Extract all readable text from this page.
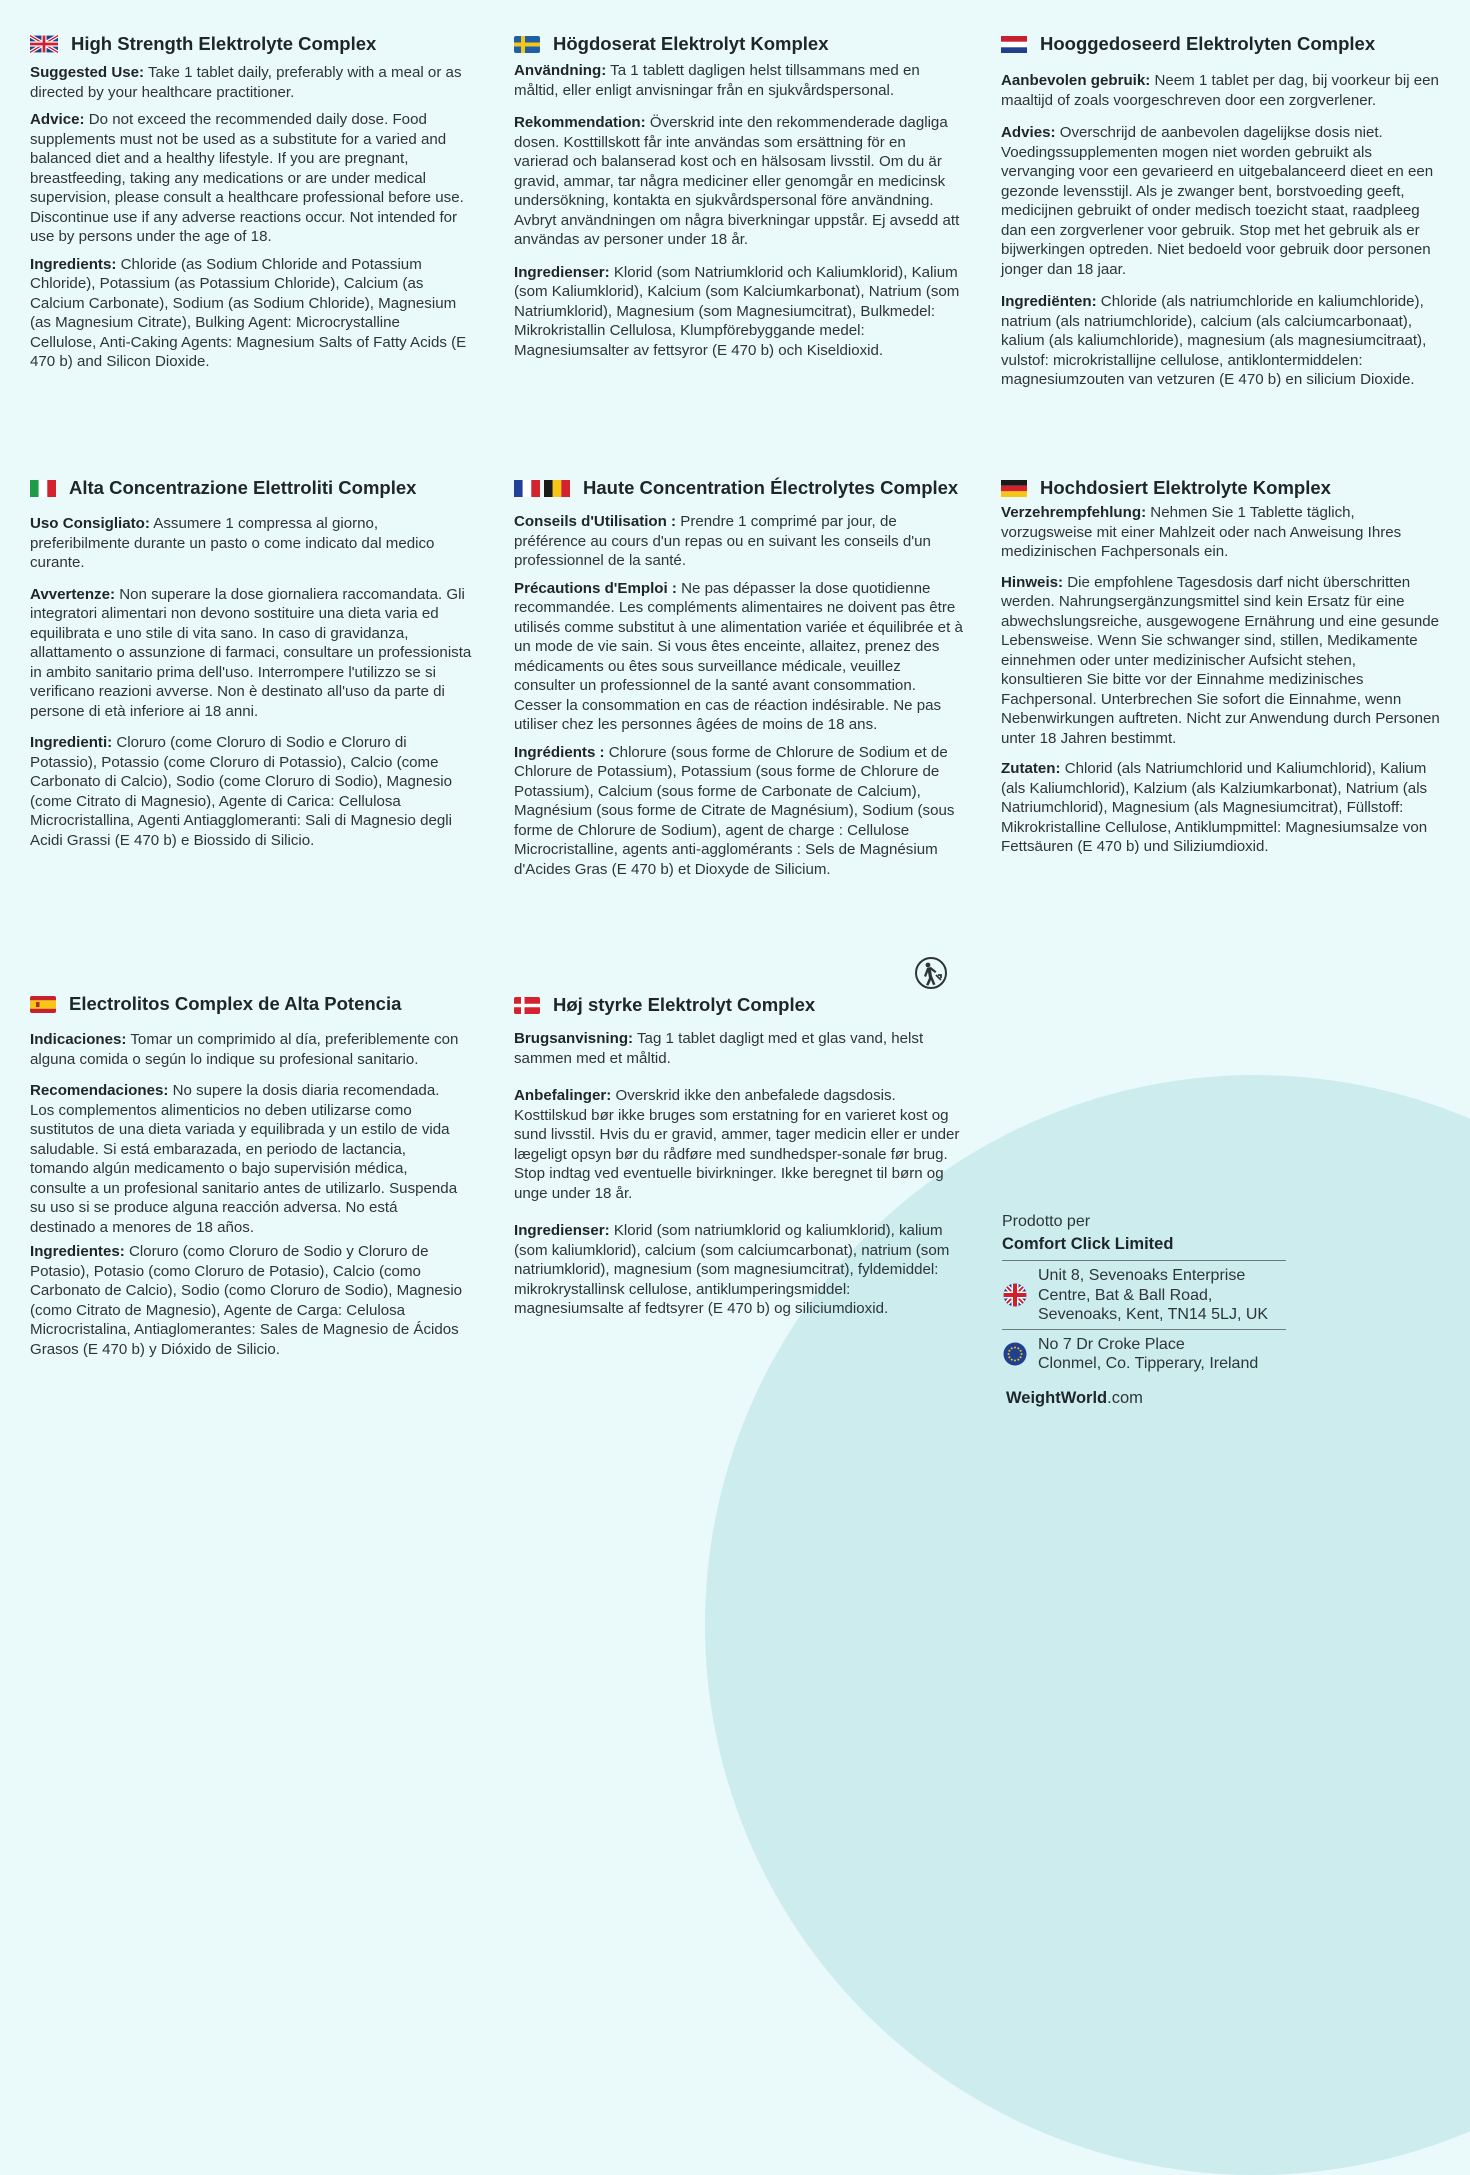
High Strength Elektrolyte Complex

Suggested Use: Take 1 tablet daily, preferably with a meal or as directed by your healthcare practitioner.

Advice: Do not exceed the recommended daily dose. Food supplements must not be used as a substitute for a varied and balanced diet and a healthy lifestyle. If you are pregnant, breastfeeding, taking any medications or are under medical supervision, please consult a healthcare professional before use. Discontinue use if any adverse reactions occur. Not intended for use by persons under the age of 18.

Ingredients: Chloride (as Sodium Chloride and Potassium Chloride), Potassium (as Potassium Chloride), Calcium (as Calcium Carbonate), Sodium (as Sodium Chloride), Magnesium (as Magnesium Citrate), Bulking Agent: Microcrystalline Cellulose, Anti-Caking Agents: Magnesium Salts of Fatty Acids (E 470 b) and Silicon Dioxide.

Högdoserat Elektrolyt Komplex

Användning: Ta 1 tablett dagligen helst tillsammans med en måltid, eller enligt anvisningar från en sjukvårdspersonal.

Rekommendation: Överskrid inte den rekommenderade dagliga dosen. Kosttillskott får inte användas som ersättning för en varierad och balanserad kost och en hälsosam livsstil. Om du är gravid, ammar, tar några mediciner eller genomgår en medicinsk undersökning, kontakta en sjukvårdspersonal före användning. Avbryt användningen om några biverkningar uppstår. Ej avsedd att användas av personer under 18 år.

Ingredienser: Klorid (som Natriumklorid och Kaliumklorid), Kalium (som Kaliumklorid), Kalcium (som Kalciumkarbonat), Natrium (som Natriumklorid), Magnesium (som Magnesiumcitrat), Bulkmedel: Mikrokristallin Cellulosa, Klumpförebyggande medel: Magnesiumsalter av fettsyror (E 470 b) och Kiseldioxid.

Hooggedoseerd Elektrolyten Complex

Aanbevolen gebruik: Neem 1 tablet per dag, bij voorkeur bij een maaltijd of zoals voorgeschreven door een zorgverlener.

Advies: Overschrijd de aanbevolen dagelijkse dosis niet. Voedingssupplementen mogen niet worden gebruikt als vervanging voor een gevarieerd en uitgebalanceerd dieet en een gezonde levensstijl. Als je zwanger bent, borstvoeding geeft, medicijnen gebruikt of onder medisch toezicht staat, raadpleeg dan een zorgverlener voor gebruik. Stop met het gebruik als er bijwerkingen optreden. Niet bedoeld voor gebruik door personen jonger dan 18 jaar.

Ingrediënten: Chloride (als natriumchloride en kaliumchloride), natrium (als natriumchloride), calcium (als calciumcarbonaat), kalium (als kaliumchloride), magnesium (als magnesiumcitraat), vulstof: microkristallijne cellulose, antiklontermiddelen: magnesiumzouten van vetzuren (E 470 b) en silicium Dioxide.

Alta Concentrazione Elettroliti Complex

Uso Consigliato: Assumere 1 compressa al giorno, preferibilmente durante un pasto o come indicato dal medico curante.

Avvertenze: Non superare la dose giornaliera raccomandata. Gli integratori alimentari non devono sostituire una dieta varia ed equilibrata e uno stile di vita sano. In caso di gravidanza, allattamento o assunzione di farmaci, consultare un professionista in ambito sanitario prima dell'uso. Interrompere l'utilizzo se si verificano reazioni avverse. Non è destinato all'uso da parte di persone di età inferiore ai 18 anni.

Ingredienti: Cloruro (come Cloruro di Sodio e Cloruro di Potassio), Potassio (come Cloruro di Potassio), Calcio (come Carbonato di Calcio), Sodio (come Cloruro di Sodio), Magnesio (come Citrato di Magnesio), Agente di Carica: Cellulosa Microcristallina, Agenti Antiagglomeranti: Sali di Magnesio degli Acidi Grassi (E 470 b) e Biossido di Silicio.

Haute Concentration Électrolytes Complex

Conseils d'Utilisation : Prendre 1 comprimé par jour, de préférence au cours d'un repas ou en suivant les conseils d'un professionnel de la santé.

Précautions d'Emploi : Ne pas dépasser la dose quotidienne recommandée. Les compléments alimentaires ne doivent pas être utilisés comme substitut à une alimentation variée et équilibrée et à un mode de vie sain. Si vous êtes enceinte, allaitez, prenez des médicaments ou êtes sous surveillance médicale, veuillez consulter un professionnel de la santé avant consommation. Cesser la consommation en cas de réaction indésirable. Ne pas utiliser chez les personnes âgées de moins de 18 ans.

Ingrédients : Chlorure (sous forme de Chlorure de Sodium et de Chlorure de Potassium), Potassium (sous forme de Chlorure de Potassium), Calcium (sous forme de Carbonate de Calcium), Magnésium (sous forme de Citrate de Magnésium), Sodium (sous forme de Chlorure de Sodium), agent de charge : Cellulose Microcristalline, agents anti-agglomérants : Sels de Magnésium d'Acides Gras (E 470 b) et Dioxyde de Silicium.

Hochdosiert Elektrolyte Komplex

Verzehrempfehlung: Nehmen Sie 1 Tablette täglich, vorzugsweise mit einer Mahlzeit oder nach Anweisung Ihres medizinischen Fachpersonals ein.

Hinweis: Die empfohlene Tagesdosis darf nicht überschritten werden. Nahrungsergänzungsmittel sind kein Ersatz für eine abwechslungsreiche, ausgewogene Ernährung und eine gesunde Lebensweise. Wenn Sie schwanger sind, stillen, Medikamente einnehmen oder unter medizinischer Aufsicht stehen, konsultieren Sie bitte vor der Einnahme medizinisches Fachpersonal. Unterbrechen Sie sofort die Einnahme, wenn Nebenwirkungen auftreten. Nicht zur Anwendung durch Personen unter 18 Jahren bestimmt.

Zutaten: Chlorid (als Natriumchlorid und Kaliumchlorid), Kalium (als Kaliumchlorid), Kalzium (als Kalziumkarbonat), Natrium (als Natriumchlorid), Magnesium (als Magnesiumcitrat), Füllstoff: Mikrokristalline Cellulose, Antiklumpmittel: Magnesiumsalze von Fettsäuren (E 470 b) und Siliziumdioxid.

Electrolitos Complex de Alta Potencia

Indicaciones: Tomar un comprimido al día, preferiblemente con alguna comida o según lo indique su profesional sanitario.

Recomendaciones: No supere la dosis diaria recomendada. Los complementos alimenticios no deben utilizarse como sustitutos de una dieta variada y equilibrada y un estilo de vida saludable. Si está embarazada, en periodo de lactancia, tomando algún medicamento o bajo supervisión médica, consulte a un profesional sanitario antes de utilizarlo. Suspenda su uso si se produce alguna reacción adversa. No está destinado a menores de 18 años.

Ingredientes: Cloruro (como Cloruro de Sodio y Cloruro de Potasio), Potasio (como Cloruro de Potasio), Calcio (como Carbonato de Calcio), Sodio (como Cloruro de Sodio), Magnesio (como Citrato de Magnesio), Agente de Carga: Celulosa Microcristalina, Antiaglomerantes: Sales de Magnesio de Ácidos Grasos (E 470 b) y Dióxido de Silicio.

Høj styrke Elektrolyt Complex

Brugsanvisning: Tag 1 tablet dagligt med et glas vand, helst sammen med et måltid.

Anbefalinger: Overskrid ikke den anbefalede dagsdosis. Kosttilskud bør ikke bruges som erstatning for en varieret kost og sund livsstil. Hvis du er gravid, ammer, tager medicin eller er under lægeligt opsyn bør du rådføre med sundhedsper-sonale før brug. Stop indtag ved eventuelle bivirkninger. Ikke beregnet til børn og unge under 18 år.

Ingredienser: Klorid (som natriumklorid og kaliumklorid), kalium (som kaliumklorid), calcium (som calciumcarbonat), natrium (som natriumklorid), magnesium (som magnesiumcitrat), fyldemiddel: mikrokrystallinsk cellulose, antiklumperingsmiddel: magnesiumsalte af fedtsyrer (E 470 b) og siliciumdioxid.

Prodotto per

Comfort Click Limited

Unit 8, Sevenoaks Enterprise
Centre, Bat & Ball Road,
Sevenoaks, Kent, TN14 5LJ, UK
No 7 Dr Croke Place
Clonmel, Co. Tipperary, Ireland
WeightWorld.com
